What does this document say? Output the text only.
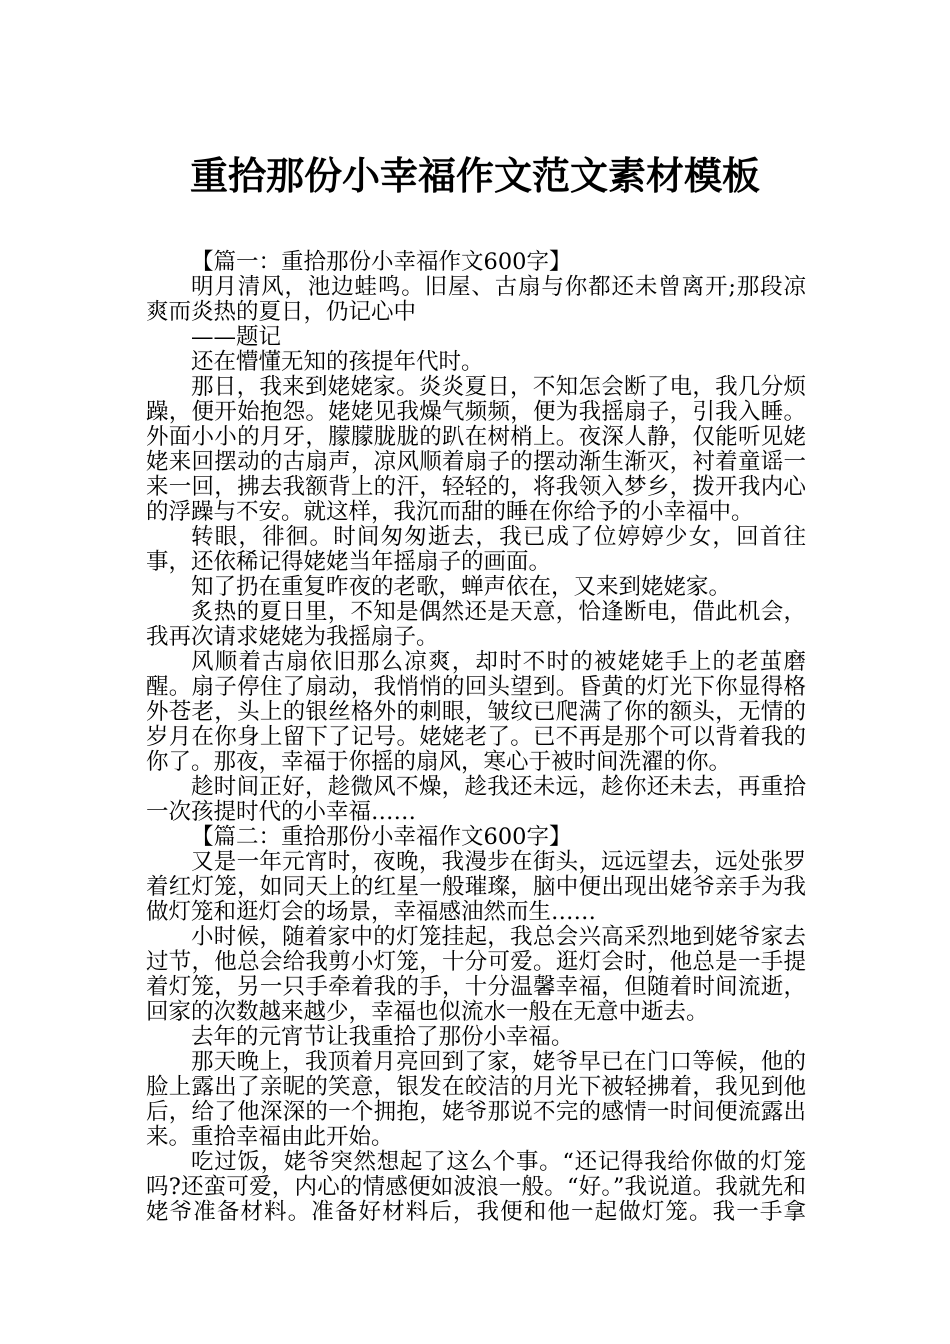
重拾那份小幸福作文范文素材模板

【篇一：重拾那份小幸福作文600字】

明月清风，池边蛙鸣。旧屋、古扇与你都还未曾离开;那段凉爽而炎热的夏日，仍记心中

——题记

还在懵懂无知的孩提年代时。

那日，我来到姥姥家。炎炎夏日，不知怎会断了电，我几分烦躁，便开始抱怨。姥姥见我燥气频频，便为我摇扇子，引我入睡。外面小小的月牙，朦朦胧胧的趴在树梢上。夜深人静，仅能听见姥姥来回摆动的古扇声，凉风顺着扇子的摆动渐生渐灭，衬着童谣一来一回，拂去我额背上的汗，轻轻的，将我领入梦乡，拨开我内心的浮躁与不安。就这样，我沉而甜的睡在你给予的小幸福中。

转眼，徘徊。时间匆匆逝去，我已成了位婷婷少女，回首往事，还依稀记得姥姥当年摇扇子的画面。

知了扔在重复昨夜的老歌，蝉声依在，又来到姥姥家。

炙热的夏日里，不知是偶然还是天意，恰逢断电，借此机会，我再次请求姥姥为我摇扇子。

风顺着古扇依旧那么凉爽，却时不时的被姥姥手上的老茧磨醒。扇子停住了扇动，我悄悄的回头望到。昏黄的灯光下你显得格外苍老，头上的银丝格外的刺眼，皱纹已爬满了你的额头，无情的岁月在你身上留下了记号。姥姥老了。已不再是那个可以背着我的你了。那夜，幸福于你摇的扇风，寒心于被时间洗濯的你。

趁时间正好，趁微风不燥，趁我还未远，趁你还未去，再重拾一次孩提时代的小幸福……

【篇二：重拾那份小幸福作文600字】

又是一年元宵时，夜晚，我漫步在街头，远远望去，远处张罗着红灯笼，如同天上的红星一般璀璨，脑中便出现出姥爷亲手为我做灯笼和逛灯会的场景，幸福感油然而生……

小时候，随着家中的灯笼挂起，我总会兴高采烈地到姥爷家去过节，他总会给我剪小灯笼，十分可爱。逛灯会时，他总是一手提着灯笼，另一只手牵着我的手，十分温馨幸福，但随着时间流逝，回家的次数越来越少，幸福也似流水一般在无意中逝去。

去年的元宵节让我重拾了那份小幸福。

那天晚上，我顶着月亮回到了家，姥爷早已在门口等候，他的脸上露出了亲昵的笑意，银发在皎洁的月光下被轻拂着，我见到他后，给了他深深的一个拥抱，姥爷那说不完的感情一时间便流露出来。重拾幸福由此开始。

吃过饭，姥爷突然想起了这么个事。“还记得我给你做的灯笼吗?还蛮可爱，内心的情感便如波浪一般。“好。”我说道。我就先和姥爷准备材料。准备好材料后，我便和他一起做灯笼。我一手拿
